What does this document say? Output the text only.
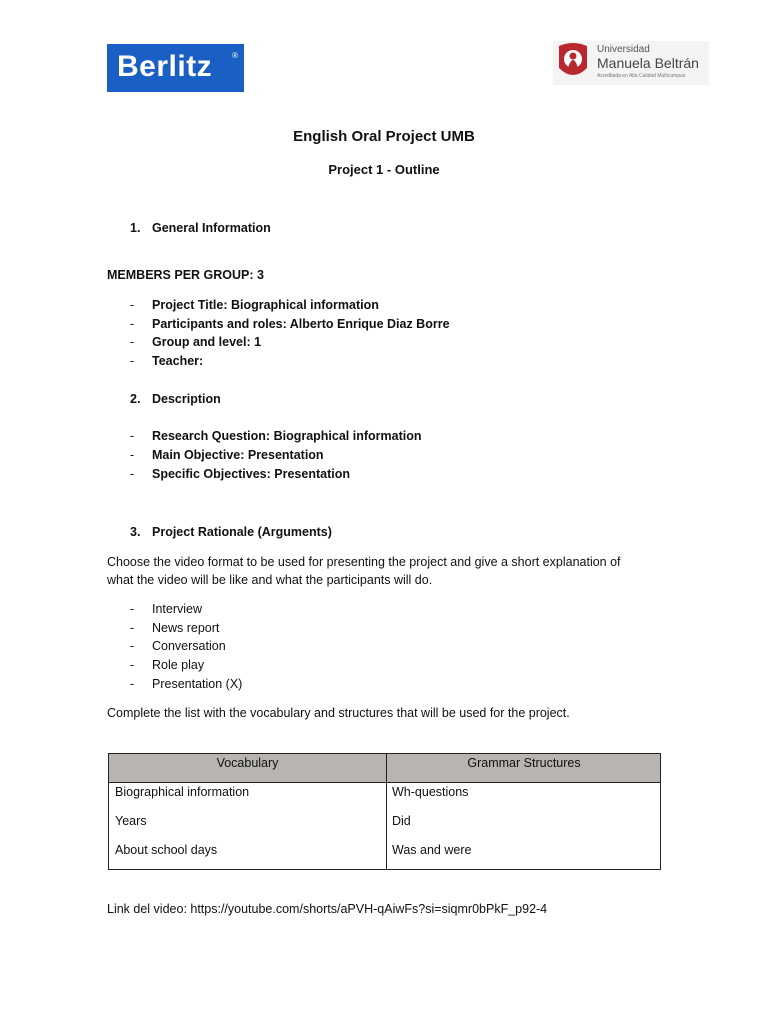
Berlitz ®
Universidad
Manuela Beltrán
Acreditada en Alta Calidad Multicampus
English Oral Project UMB
Project 1 - Outline
1. General Information
MEMBERS PER GROUP: 3
- Project Title: Biographical information
- Participants and roles: Alberto Enrique Diaz Borre
- Group and level: 1
- Teacher:
2. Description
- Research Question: Biographical information
- Main Objective: Presentation
- Specific Objectives: Presentation
3. Project Rationale (Arguments)
Choose the video format to be used for presenting the project and give a short explanation of
what the video will be like and what the participants will do.
- Interview
- News report
- Conversation
- Role play
- Presentation (X)
Complete the list with the vocabulary and structures that will be used for the project.
Vocabulary	Grammar Structures
Biographical information	Wh-questions
Years	Did
About school days	Was and were
Link del video: https://youtube.com/shorts/aPVH-qAiwFs?si=siqmr0bPkF_p92-4
